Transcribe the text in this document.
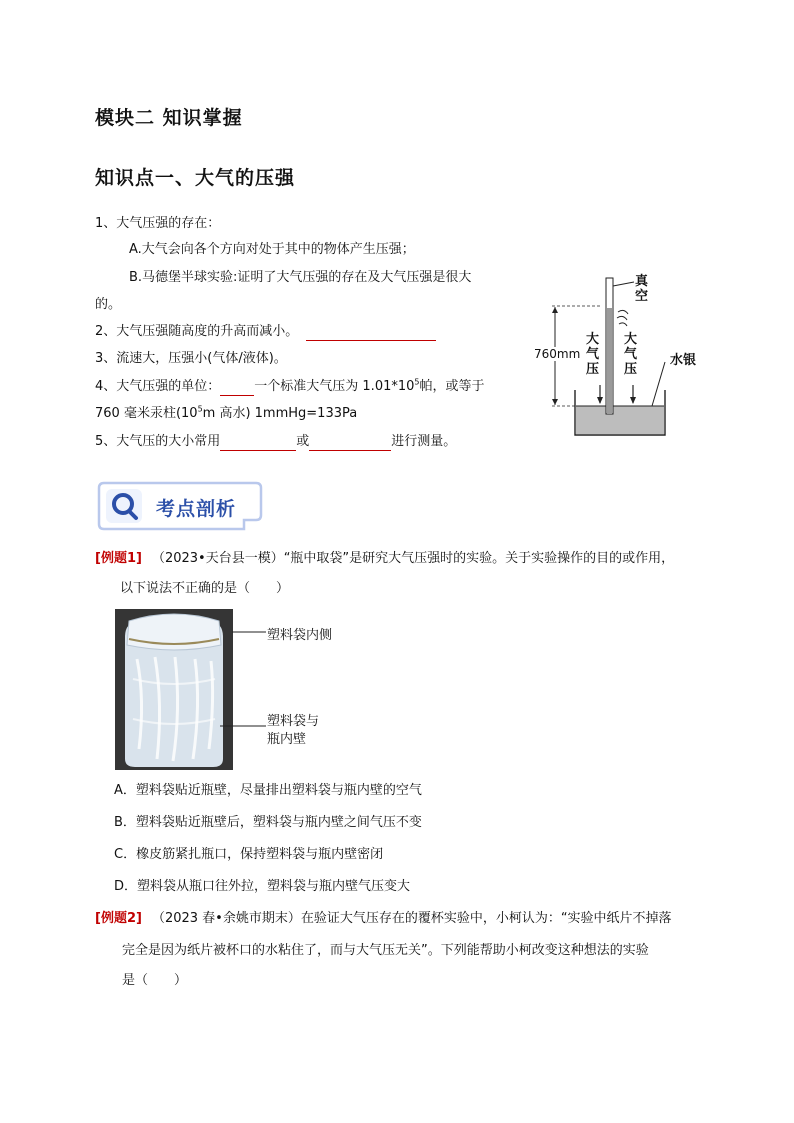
模块二 知识掌握
知识点一、大气的压强
1、大气压强的存在：
A.大气会向各个方向对处于其中的物体产生压强；
B.马德堡半球实验:证明了大气压强的存在及大气压强是很大
的。
2、大气压强随高度的升高而减小。
3、流速大，压强小(气体/液体)。
4、大气压强的单位：	一个标准大气压为 $1.01*10^5$帕，或等于
760 毫米汞柱($10^5m$ 高水) 1mmHg=133Pa
5、大气压的大小常用	或	进行测量。
真空
760mm
大气压
大气压
水银
考点剖析
[例题1] （2023•天台县一模）“瓶中取袋”是研究大气压强时的实验。关于实验操作的目的或作用，
以下说法不正确的是（　　）
塑料袋内侧
塑料袋与
瓶内壁
A．塑料袋贴近瓶壁，尽量排出塑料袋与瓶内壁的空气
B．塑料袋贴近瓶壁后，塑料袋与瓶内壁之间气压不变
C．橡皮筋紧扎瓶口，保持塑料袋与瓶内壁密闭
D．塑料袋从瓶口往外拉，塑料袋与瓶内壁气压变大
[例题2] （2023 春•余姚市期末）在验证大气压存在的覆杯实验中，小柯认为：“实验中纸片不掉落
完全是因为纸片被杯口的水粘住了，而与大气压无关”。下列能帮助小柯改变这种想法的实验
是（　　）
